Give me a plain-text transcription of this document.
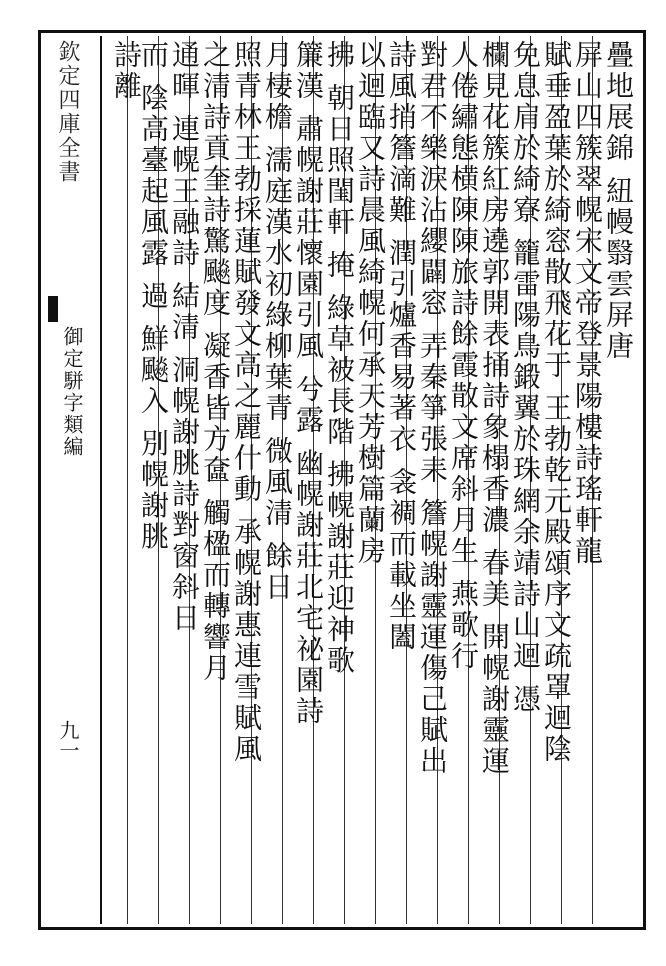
欽定四庫全書
御定駢字類編
九一
疊地展錦 紐幔翳雲屏唐
屏山四簇翠幌宋文帝登景陽樓詩瑤軒龍
賦垂盈葉於綺窓散飛花于 王勃乾元殿頌序文疏罩迴陰
免息肩於綺寮 籠雷陽鳥鍛翼於珠網余靖詩山迴 憑
欄見花簇紅房遶郭開表捅詩象榻香濃 春美 開幌謝靈運
人倦繡態横陳陳旅詩餘霞散文席斜月生 燕歌行
對君不樂淚沾纓闢窓 弄秦箏張耒 簷幌謝靈運傷己賦出
詩風捎簷滴難 潤引爐香易著衣 衾裯而載坐闔
以迴臨又詩晨風綺幌何承天芳樹篇蘭房
拂 朝日照閨軒 掩 綠草被長階 拂幌謝莊迎神歌
簾漢 肅幌謝莊懷園引風 兮露 幽幌謝莊北宅祕園詩
月棲檐 濡庭漢水初綠柳葉青 微風清 餘日
照青林王勃採蓮賦發文高之麗什動 承幌謝惠連雪賦風
之清詩貢奎詩驚飈度 凝香皆方奩 觸楹而轉響月
通暉 連幌王融詩 結清 洞幌謝朓詩對窗斜日
而 陰高臺起風露 過 鮮飈入 別幌謝朓
詩離
